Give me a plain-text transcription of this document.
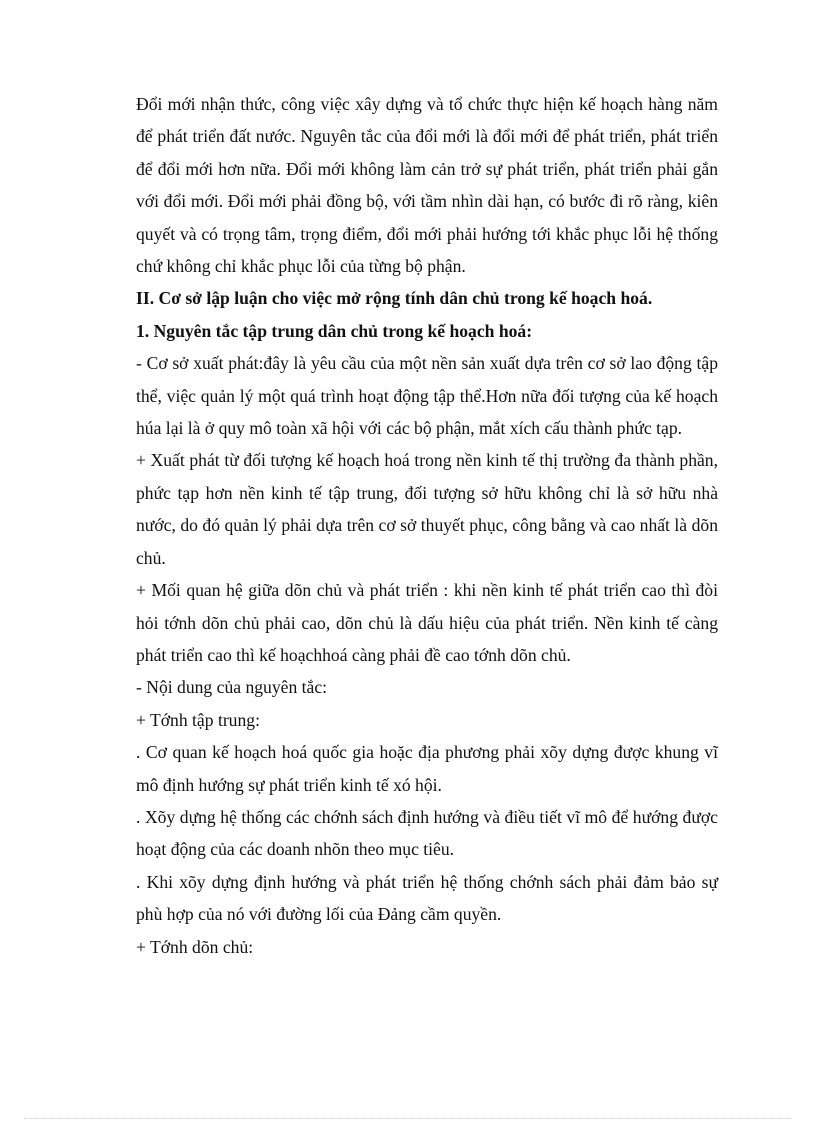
Đổi mới nhận thức, công việc xây dựng và tổ chức thực hiện kế hoạch hàng năm để phát triển đất nước. Nguyên tắc của đổi mới là đổi mới để phát triển, phát triển để đổi mới hơn nữa. Đổi mới không làm cản trở sự phát triển, phát triển phải gắn với đổi mới. Đổi mới phải đồng bộ, với tầm nhìn dài hạn, có bước đi rõ ràng, kiên quyết và có trọng tâm, trọng điểm, đổi mới phải hướng tới khắc phục lỗi hệ thống chứ không chỉ khắc phục lỗi của từng bộ phận.

II. Cơ sở lập luận cho việc mở rộng tính dân chủ trong kế hoạch hoá.

1. Nguyên tắc tập trung dân chủ trong kế hoạch hoá:

- Cơ sở xuất phát:đây là yêu cầu của một nền sản xuất dựa trên cơ sở lao động tập thể, việc quản lý một quá trình hoạt động tập thể.Hơn nữa đối tượng của kế hoạch húa lại là ở quy mô toàn xã hội với các bộ phận, mắt xích cấu thành phức tạp.

+ Xuất phát từ đối tượng kế hoạch hoá trong nền kinh tế thị trường đa thành phần, phức tạp hơn nền kinh tế tập trung, đối tượng sở hữu không chỉ là sở hữu nhà nước, do đó quản lý phải dựa trên cơ sở thuyết phục, công bằng và cao nhất là dõn chủ.

+ Mối quan hệ giữa dõn chủ và phát triển : khi nền kinh tế phát triển cao thì đòi hỏi tớnh dõn chủ phải cao, dõn chủ là dấu hiệu của phát triển. Nền kinh tế càng phát triển cao thì kế hoạchhoá càng phải đề cao tớnh dõn chủ.

- Nội dung của nguyên tắc:

+ Tớnh tập trung:

. Cơ quan kế hoạch hoá quốc gia hoặc địa phương phải xõy dựng được khung vĩ mô định hướng sự phát triển kinh tế xó hội.

. Xõy dựng hệ thống các chớnh sách định hướng và điều tiết vĩ mô để hướng được hoạt động của các doanh nhõn theo mục tiêu.

. Khi xõy dựng định hướng và phát triển hệ thống chớnh sách phải đảm bảo sự phù hợp của nó với đường lối của Đảng cầm quyền.

+ Tớnh dõn chủ:
